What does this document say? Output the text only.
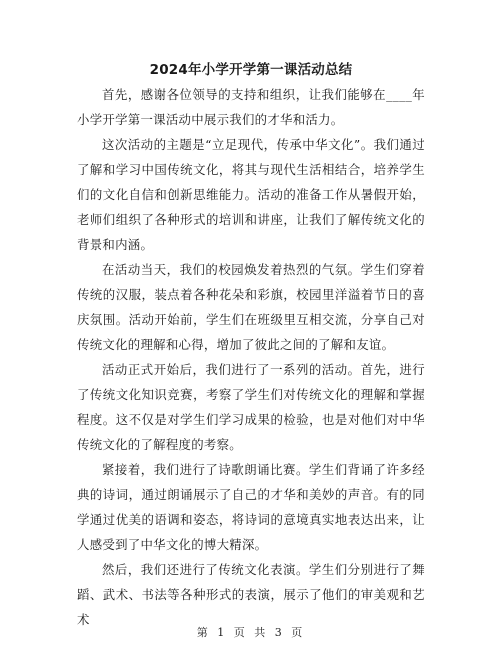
2024年小学开学第一课活动总结

首先，感谢各位领导的支持和组织，让我们能够在____年小学开学第一课活动中展示我们的才华和活力。

这次活动的主题是“立足现代，传承中华文化”。我们通过了解和学习中国传统文化，将其与现代生活相结合，培养学生们的文化自信和创新思维能力。活动的准备工作从暑假开始，老师们组织了各种形式的培训和讲座，让我们了解传统文化的背景和内涵。

在活动当天，我们的校园焕发着热烈的气氛。学生们穿着传统的汉服，装点着各种花朵和彩旗，校园里洋溢着节日的喜庆氛围。活动开始前，学生们在班级里互相交流，分享自己对传统文化的理解和心得，增加了彼此之间的了解和友谊。

活动正式开始后，我们进行了一系列的活动。首先，进行了传统文化知识竞赛，考察了学生们对传统文化的理解和掌握程度。这不仅是对学生们学习成果的检验，也是对他们对中华传统文化的了解程度的考察。

紧接着，我们进行了诗歌朗诵比赛。学生们背诵了许多经典的诗词，通过朗诵展示了自己的才华和美妙的声音。有的同学通过优美的语调和姿态，将诗词的意境真实地表达出来，让人感受到了中华文化的博大精深。

然后，我们还进行了传统文化表演。学生们分别进行了舞蹈、武术、书法等各种形式的表演，展示了他们的审美观和艺术

第 1 页 共 3 页
